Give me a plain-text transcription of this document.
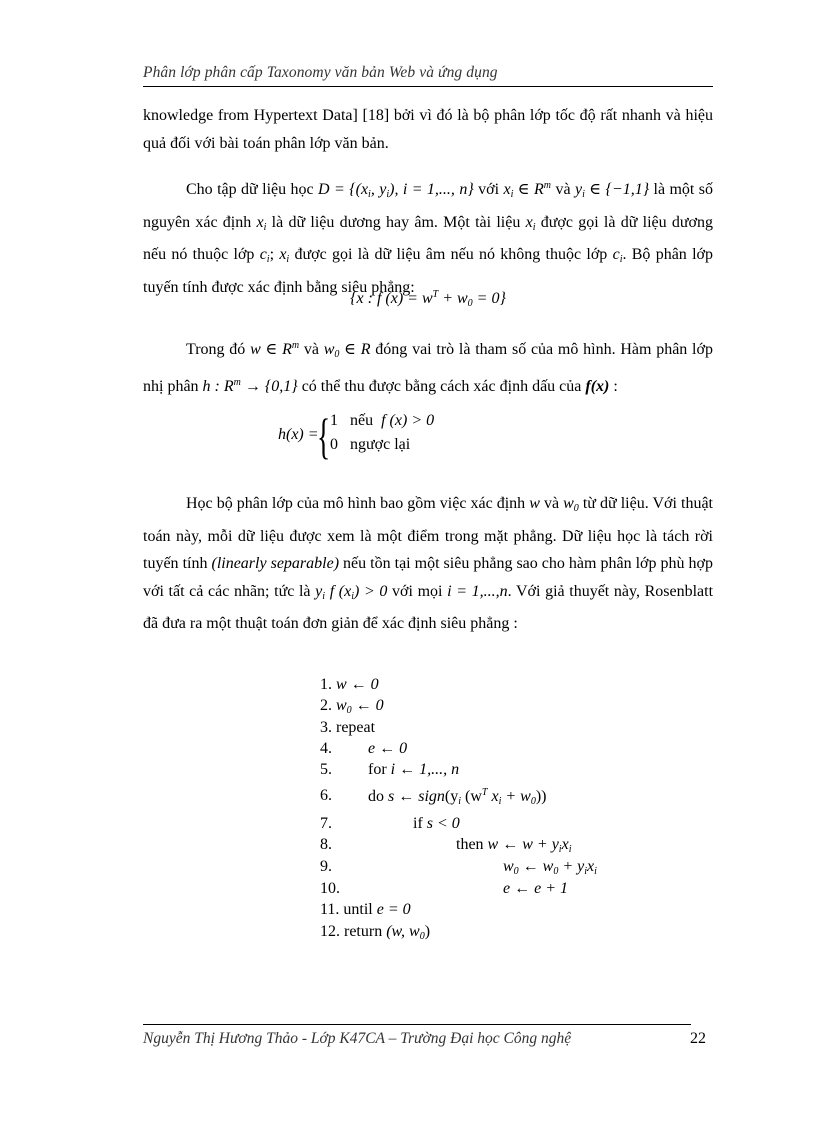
Phân lớp phân cấp Taxonomy văn bản Web và ứng dụng

knowledge from Hypertext Data] [18] bởi vì đó là bộ phân lớp tốc độ rất nhanh và hiệu quả đối với bài toán phân lớp văn bản.

Cho tập dữ liệu học $D = \{(x_i$, $y_i$), i = 1,..., n} với $x_i$ ∈ $R^m$ và $y_i$ ∈ {−1,1} là một số nguyên xác định $x_i$ là dữ liệu dương hay âm. Một tài liệu $x_i$ được gọi là dữ liệu dương nếu nó thuộc lớp $c_i$; $x_i$ được gọi là dữ liệu âm nếu nó không thuộc lớp $c_i$. Bộ phân lớp tuyến tính được xác định bằng siêu phẳng:

{x : f $(x) = w^T + w_0 = 0$}

Trong đó w ∈ $R^m$ và $w_0$ ∈ R đóng vai trò là tham số của mô hình. Hàm phân lớp nhị phân h : $R^m \to \{0,1\}$ có thể thu được bằng cách xác định dấu của f(x) :

h(x) =
{ 1 nếu f (x) > 0
0 ngược lại

Học bộ phân lớp của mô hình bao gồm việc xác định w và $w_0$ từ dữ liệu. Với thuật toán này, mỗi dữ liệu được xem là một điểm trong mặt phẳng. Dữ liệu học là tách rời tuyến tính (linearly separable) nếu tồn tại một siêu phẳng sao cho hàm phân lớp phù hợp với tất cả các nhãn; tức là $y_i$ f $(x_i) > 0$ với mọi i = 1,...,n. Với giả thuyết này, Rosenblatt đã đưa ra một thuật toán đơn giản để xác định siêu phẳng :

1. w ← 0
2. $w_0$ ← 0
3. repeat
4. e ← 0
5. for i ← 1,..., n
6. do s ← $sign(y_i$ ($w^T$ $x_i + w_0$))
7.	if s < 0
8.	then w ← $w + y_ix_i$
9.	$w_0$ ← $w_0 + y_ix_i$
10.	e ← e + 1
11. until e = 0
12. return (w, $w_0$)
Nguyễn Thị Hương Thảo - Lớp K47CA – Trường Đại học Công nghệ	22
